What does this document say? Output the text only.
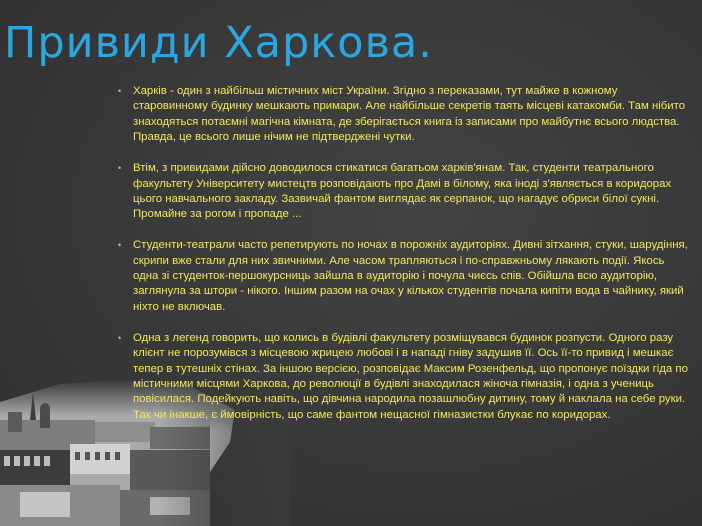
Привиди Харкова.
• Харків - один з найбільш містичних міст України. Згідно з переказами, тут майже в кожному старовинному будинку мешкають примари. Але найбільше секретів таять місцеві катакомби. Там нібито знаходяться потаємні магічна кімната, де зберігається книга із записами про майбутнє всього людства. Правда, це всього лише нічим не підтверджені чутки.
• Втім, з привидами дійсно доводилося стикатися багатьом харків'янам. Так, студенти театрального факультету Університету мистецтв розповідають про Дамі в білому, яка іноді з'являється в коридорах цього навчального закладу. Зазвичай фантом виглядає як серпанок, що нагадує обриси білої сукні. Промайне за рогом і пропаде ...
• Студенти-театрали часто репетирують по ночах в порожніх аудиторіях. Дивні зітхання, стуки, шарудіння, скрипи вже стали для них звичними. Але часом трапляються і по-справжньому лякають події. Якось одна зі студенток-першокурсниць зайшла в аудиторію і почула чиєсь спів. Обійшла всю аудиторію, заглянула за штори - нікого. Іншим разом на очах у кількох студентів почала кипіти вода в чайнику, який ніхто не включав.
• Одна з легенд говорить, що колись в будівлі факультету розміщувався будинок розпусти. Одного разу клієнт не порозумівся з місцевою жрицею любові і в нападі гніву задушив її. Ось її-то привид і мешкає тепер в тутешніх стінах. За іншою версією, розповідає Максим Розенфельд, що пропонує поїздки гіда по містичними місцями Харкова, до революції в будівлі знаходилася жіноча гімназія, і одна з учениць повісилася. Подейкують навіть, що дівчина народила позашлюбну дитину, тому й наклала на себе руки. Так чи інакше, є ймовірність, що саме фантом нещасної гімназистки блукає по коридорах.
